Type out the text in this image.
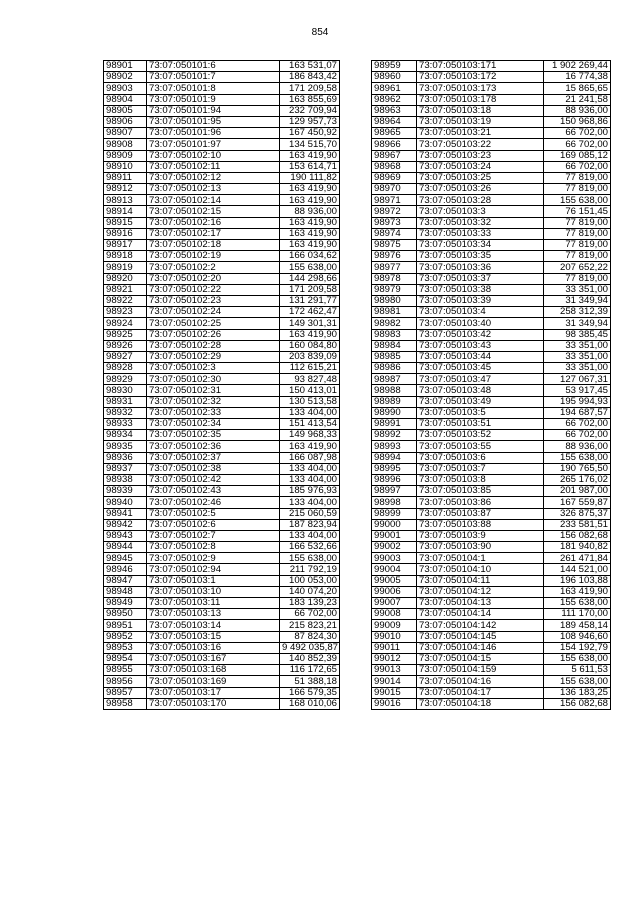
854
98901	73:07:050101:6	163 531,07
98902	73:07:050101:7	186 843,42
98903	73:07:050101:8	171 209,58
98904	73:07:050101:9	163 855,69
98905	73:07:050101:94	232 709,94
98906	73:07:050101:95	129 957,73
98907	73:07:050101:96	167 450,92
98908	73:07:050101:97	134 515,70
98909	73:07:050102:10	163 419,90
98910	73:07:050102:11	153 614,71
98911	73:07:050102:12	190 111,82
98912	73:07:050102:13	163 419,90
98913	73:07:050102:14	163 419,90
98914	73:07:050102:15	88 936,00
98915	73:07:050102:16	163 419,90
98916	73:07:050102:17	163 419,90
98917	73:07:050102:18	163 419,90
98918	73:07:050102:19	166 034,62
98919	73:07:050102:2	155 638,00
98920	73:07:050102:20	144 298,66
98921	73:07:050102:22	171 209,58
98922	73:07:050102:23	131 291,77
98923	73:07:050102:24	172 462,47
98924	73:07:050102:25	149 301,31
98925	73:07:050102:26	163 419,90
98926	73:07:050102:28	160 084,80
98927	73:07:050102:29	203 839,09
98928	73:07:050102:3	112 615,21
98929	73:07:050102:30	93 827,48
98930	73:07:050102:31	150 413,01
98931	73:07:050102:32	130 513,58
98932	73:07:050102:33	133 404,00
98933	73:07:050102:34	151 413,54
98934	73:07:050102:35	149 968,33
98935	73:07:050102:36	163 419,90
98936	73:07:050102:37	166 087,98
98937	73:07:050102:38	133 404,00
98938	73:07:050102:42	133 404,00
98939	73:07:050102:43	185 976,93
98940	73:07:050102:46	133 404,00
98941	73:07:050102:5	215 060,59
98942	73:07:050102:6	187 823,94
98943	73:07:050102:7	133 404,00
98944	73:07:050102:8	166 532,66
98945	73:07:050102:9	155 638,00
98946	73:07:050102:94	211 792,19
98947	73:07:050103:1	100 053,00
98948	73:07:050103:10	140 074,20
98949	73:07:050103:11	183 139,23
98950	73:07:050103:13	66 702,00
98951	73:07:050103:14	215 823,21
98952	73:07:050103:15	87 824,30
98953	73:07:050103:16	9 492 035,87
98954	73:07:050103:167	140 852,39
98955	73:07:050103:168	116 172,65
98956	73:07:050103:169	51 388,18
98957	73:07:050103:17	166 579,35
98958	73:07:050103:170	168 010,06
98959	73:07:050103:171	1 902 269,44
98960	73:07:050103:172	16 774,38
98961	73:07:050103:173	15 865,65
98962	73:07:050103:178	21 241,58
98963	73:07:050103:18	88 936,00
98964	73:07:050103:19	150 968,86
98965	73:07:050103:21	66 702,00
98966	73:07:050103:22	66 702,00
98967	73:07:050103:23	169 085,12
98968	73:07:050103:24	66 702,00
98969	73:07:050103:25	77 819,00
98970	73:07:050103:26	77 819,00
98971	73:07:050103:28	155 638,00
98972	73:07:050103:3	76 151,45
98973	73:07:050103:32	77 819,00
98974	73:07:050103:33	77 819,00
98975	73:07:050103:34	77 819,00
98976	73:07:050103:35	77 819,00
98977	73:07:050103:36	207 652,22
98978	73:07:050103:37	77 819,00
98979	73:07:050103:38	33 351,00
98980	73:07:050103:39	31 349,94
98981	73:07:050103:4	258 312,39
98982	73:07:050103:40	31 349,94
98983	73:07:050103:42	98 385,45
98984	73:07:050103:43	33 351,00
98985	73:07:050103:44	33 351,00
98986	73:07:050103:45	33 351,00
98987	73:07:050103:47	127 067,31
98988	73:07:050103:48	53 917,45
98989	73:07:050103:49	195 994,93
98990	73:07:050103:5	194 687,57
98991	73:07:050103:51	66 702,00
98992	73:07:050103:52	66 702,00
98993	73:07:050103:55	88 936,00
98994	73:07:050103:6	155 638,00
98995	73:07:050103:7	190 765,50
98996	73:07:050103:8	265 176,02
98997	73:07:050103:85	201 987,00
98998	73:07:050103:86	167 559,87
98999	73:07:050103:87	326 875,37
99000	73:07:050103:88	233 581,51
99001	73:07:050103:9	156 082,68
99002	73:07:050103:90	181 940,82
99003	73:07:050104:1	261 471,84
99004	73:07:050104:10	144 521,00
99005	73:07:050104:11	196 103,88
99006	73:07:050104:12	163 419,90
99007	73:07:050104:13	155 638,00
99008	73:07:050104:14	111 170,00
99009	73:07:050104:142	189 458,14
99010	73:07:050104:145	108 946,60
99011	73:07:050104:146	154 192,79
99012	73:07:050104:15	155 638,00
99013	73:07:050104:159	5 611,53
99014	73:07:050104:16	155 638,00
99015	73:07:050104:17	136 183,25
99016	73:07:050104:18	156 082,68
